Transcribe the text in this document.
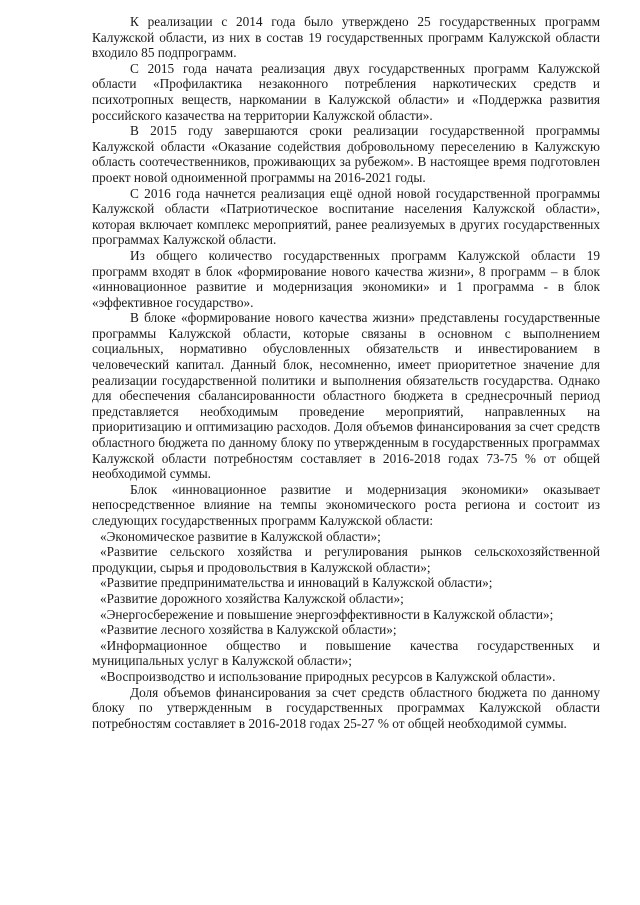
К реализации с 2014 года было утверждено 25 государственных программ Калужской области, из них в состав 19 государственных программ Калужской области входило 85 подпрограмм.

С 2015 года начата реализация двух государственных программ Калужской области «Профилактика незаконного потребления наркотических средств и психотропных веществ, наркомании в Калужской области» и «Поддержка развития российского казачества на территории Калужской области».

В 2015 году завершаются сроки реализации государственной программы Калужской области «Оказание содействия добровольному переселению в Калужскую область соотечественников, проживающих за рубежом». В настоящее время подготовлен проект новой одноименной программы на 2016-2021 годы.

С 2016 года начнется реализация ещё одной новой государственной программы Калужской области «Патриотическое воспитание населения Калужской области», которая включает комплекс мероприятий, ранее реализуемых в других государственных программах Калужской области.

Из общего количество государственных программ Калужской области 19 программ входят в блок «формирование нового качества жизни», 8 программ – в блок «инновационное развитие и модернизация экономики» и 1 программа - в блок «эффективное государство».

В блоке «формирование нового качества жизни» представлены государственные программы Калужской области, которые связаны в основном с выполнением социальных, нормативно обусловленных обязательств и инвестированием в человеческий капитал. Данный блок, несомненно, имеет приоритетное значение для реализации государственной политики и выполнения обязательств государства. Однако для обеспечения сбалансированности областного бюджета в среднесрочный период представляется необходимым проведение мероприятий, направленных на приоритизацию и оптимизацию расходов. Доля объемов финансирования за счет средств областного бюджета по данному блоку по утвержденным в государственных программах Калужской области потребностям составляет в 2016-2018 годах 73-75 % от общей необходимой суммы.

Блок «инновационное развитие и модернизация экономики» оказывает непосредственное влияние на темпы экономического роста региона и состоит из следующих государственных программ Калужской области:

«Экономическое развитие в Калужской области»;

«Развитие сельского хозяйства и регулирования рынков сельскохозяйственной продукции, сырья и продовольствия в Калужской области»;

«Развитие предпринимательства и инноваций в Калужской области»;

«Развитие дорожного хозяйства Калужской области»;

«Энергосбережение и повышение энергоэффективности в Калужской области»;

«Развитие лесного хозяйства в Калужской области»;

«Информационное общество и повышение качества государственных и муниципальных услуг в Калужской области»;

«Воспроизводство и использование природных ресурсов в Калужской области».

Доля объемов финансирования за счет средств областного бюджета по данному блоку по утвержденным в государственных программах Калужской области потребностям составляет в 2016-2018 годах 25-27 % от общей необходимой суммы.
